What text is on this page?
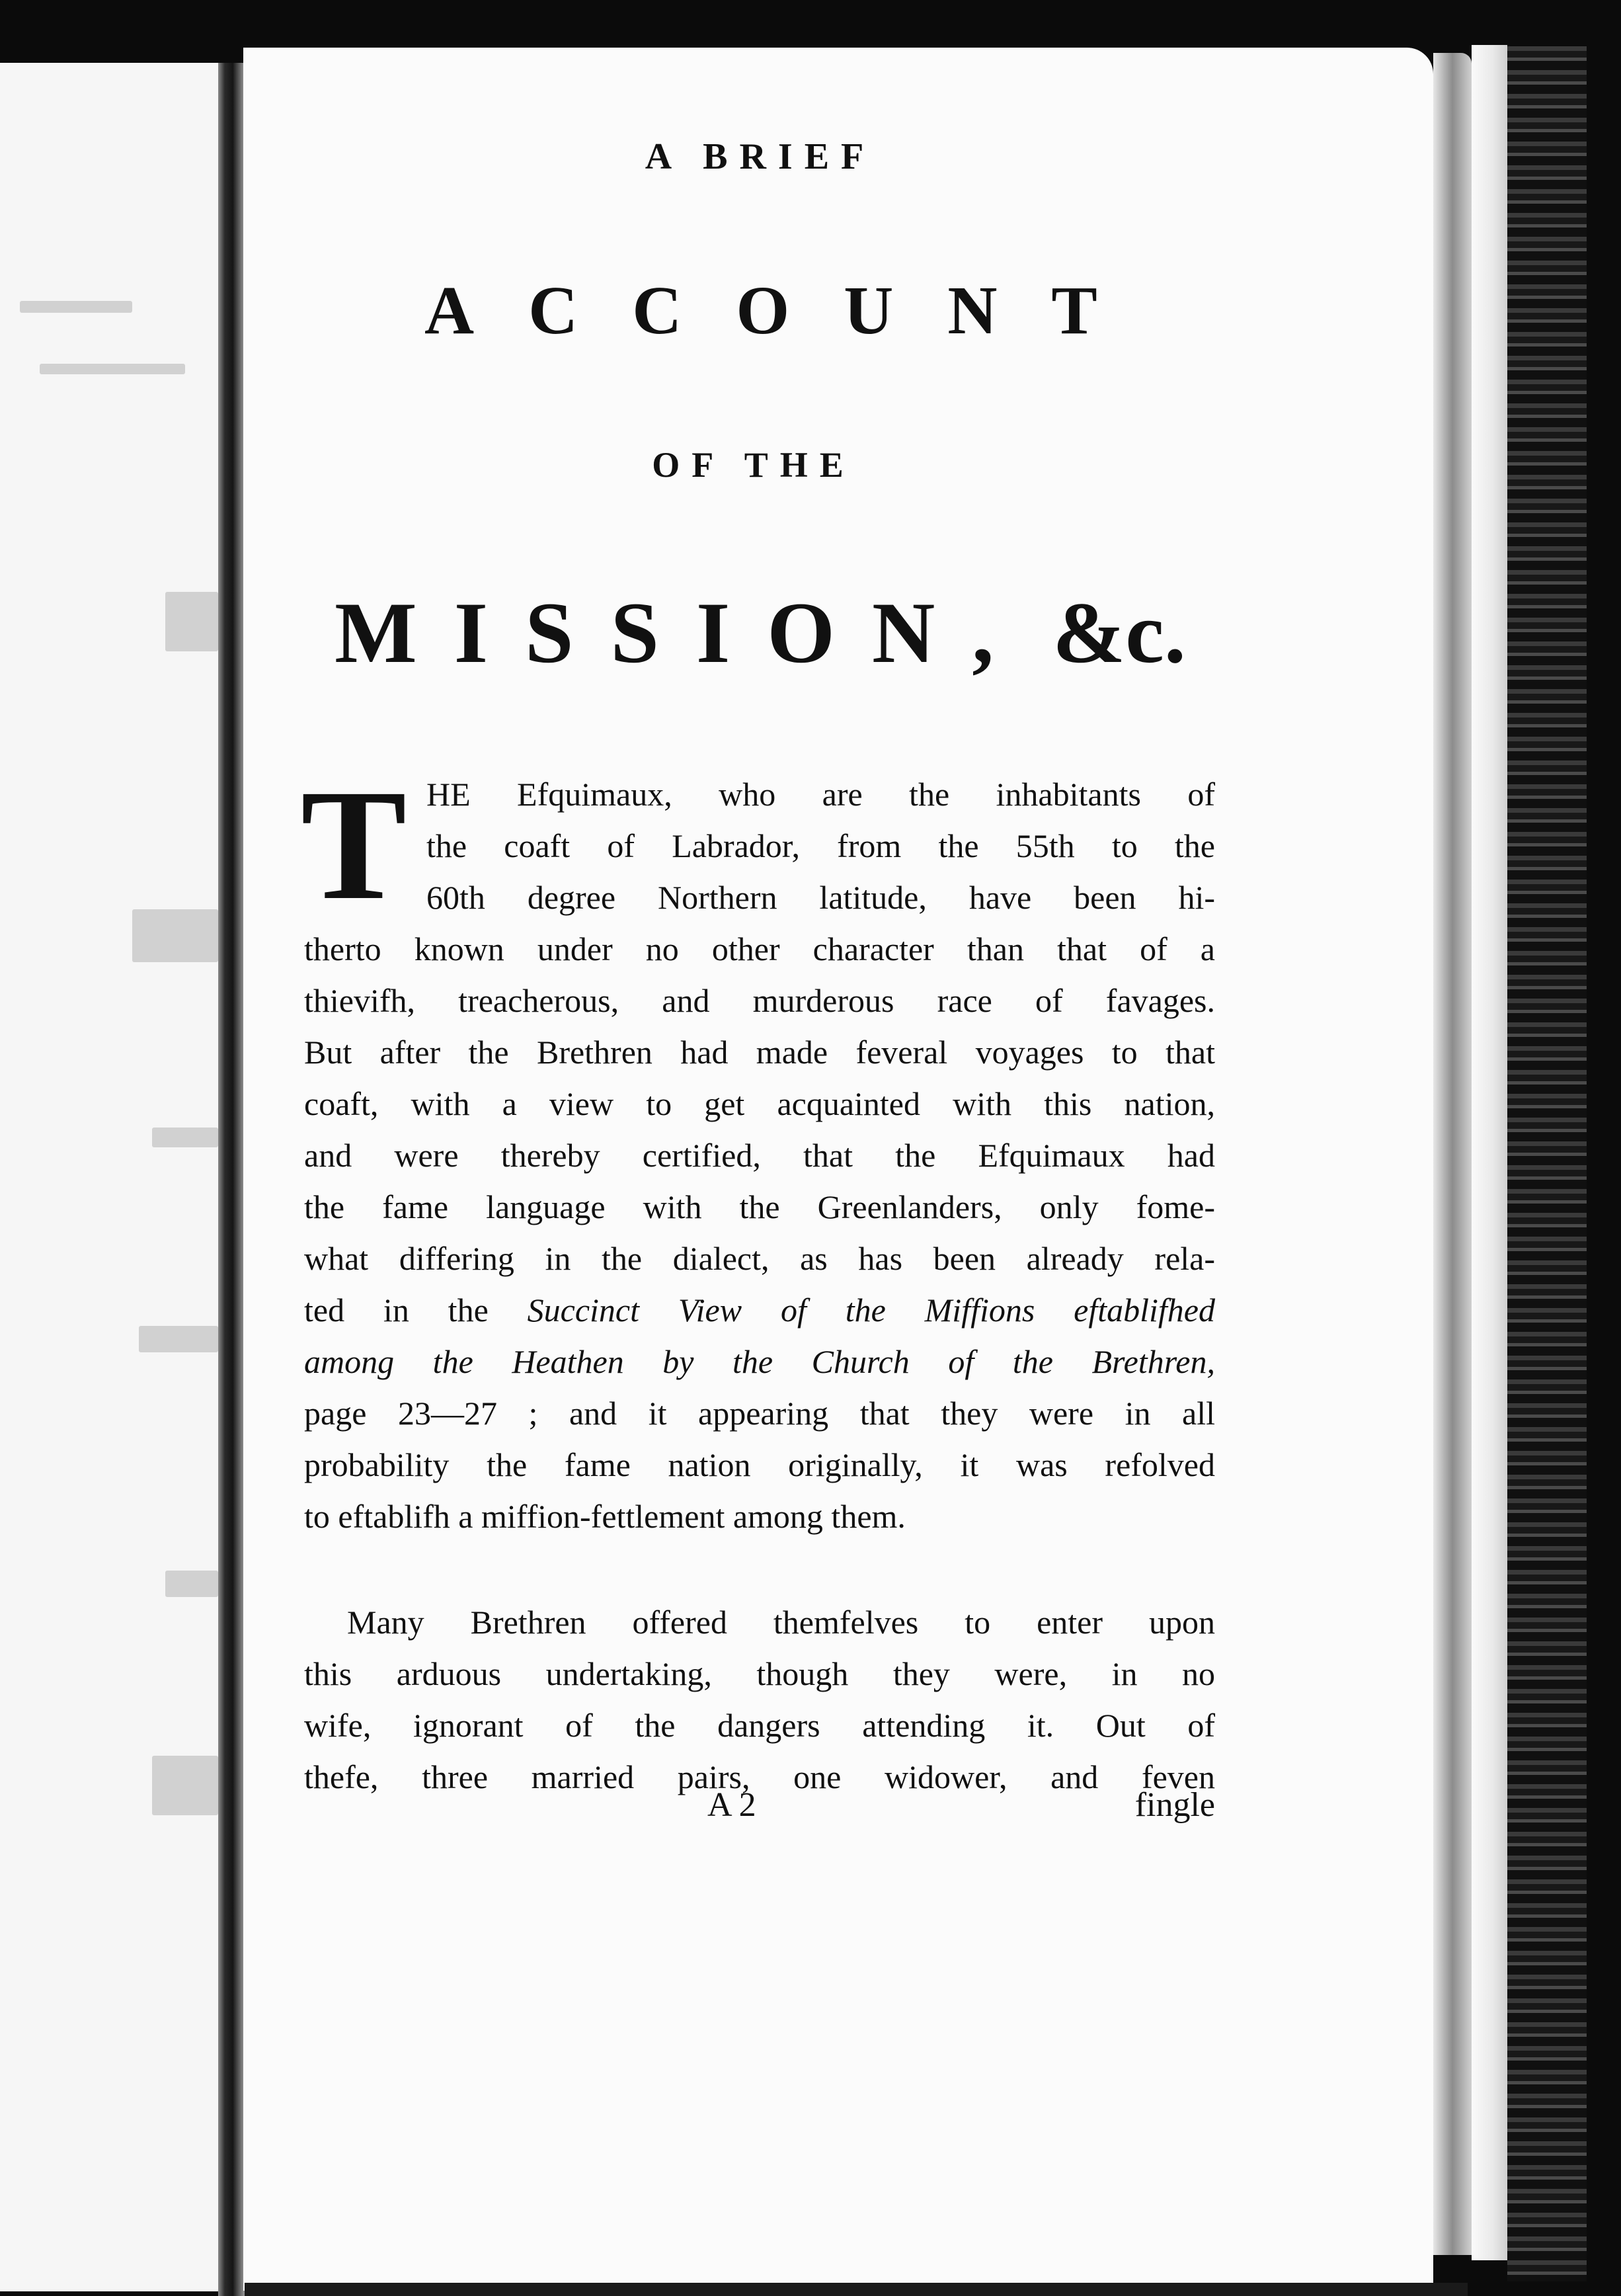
A BRIEF
ACCOUNT
OF THE
MISSION, &c.
T HE Efquimaux, who are the inhabitants of
the coaft of Labrador, from the 55th to the
60th degree Northern latitude, have been hi-
therto known under no other character than that of a
thievifh, treacherous, and murderous race of favages.
But after the Brethren had made feveral voyages to that
coaft, with a view to get acquainted with this nation,
and were thereby certified, that the Efquimaux had
the fame language with the Greenlanders, only fome-
what differing in the dialect, as has been already rela-
ted in the Succinct View of the Miffions eftablifhed
among the Heathen by the Church of the Brethren,
page 23—27 ; and it appearing that they were in all
probability the fame nation originally, it was refolved
to eftablifh a miffion-fettlement among them.
Many Brethren offered themfelves to enter upon
this arduous undertaking, though they were, in no
wife, ignorant of the dangers attending it. Out of
thefe, three married pairs, one widower, and feven
A 2	fingle
